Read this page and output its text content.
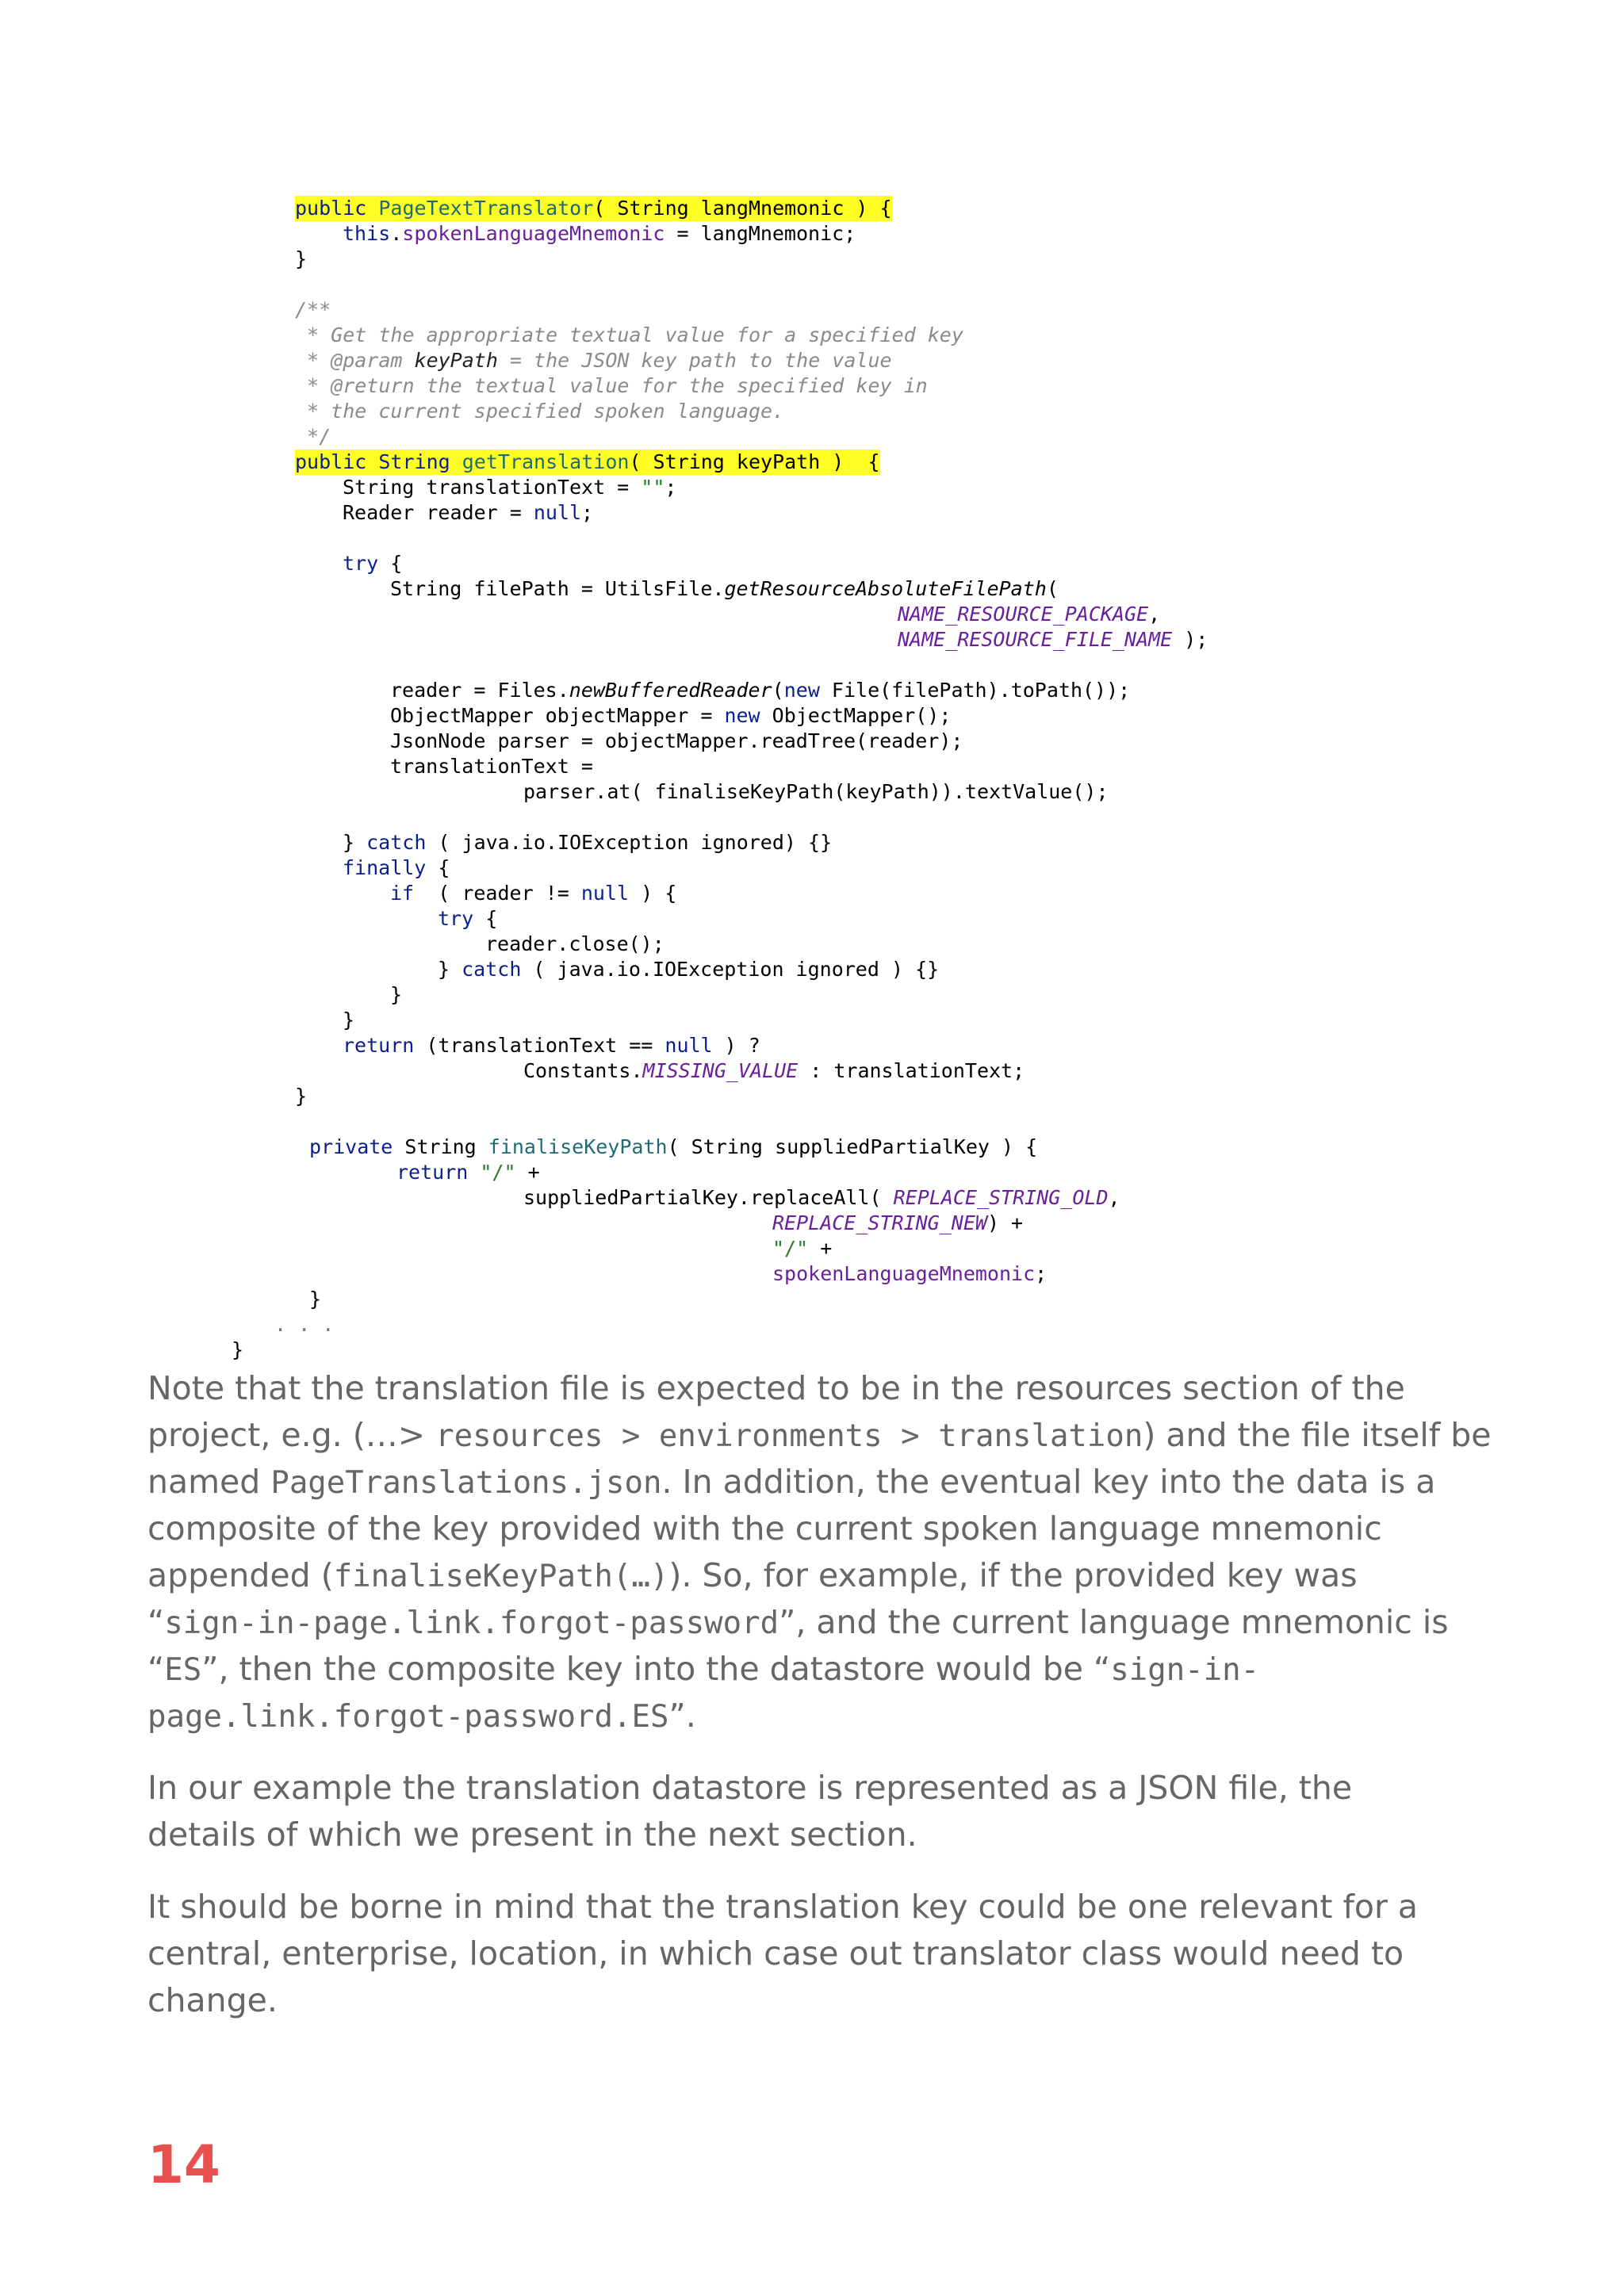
public PageTextTranslator( String langMnemonic ) {
this.spokenLanguageMnemonic = langMnemonic;
}
/**
* Get the appropriate textual value for a specified key
* @param keyPath = the JSON key path to the value
* @return the textual value for the specified key in
* the current specified spoken language.
*/
public String getTranslation( String keyPath )  {
String translationText = "";
Reader reader = null;
try {
String filePath = UtilsFile.getResourceAbsoluteFilePath(
NAME_RESOURCE_PACKAGE,
NAME_RESOURCE_FILE_NAME );
reader = Files.newBufferedReader(new File(filePath).toPath());
ObjectMapper objectMapper = new ObjectMapper();
JsonNode parser = objectMapper.readTree(reader);
translationText =
parser.at( finaliseKeyPath(keyPath)).textValue();
} catch ( java.io.IOException ignored) {}
finally {
if  ( reader != null ) {
try {
reader.close();
} catch ( java.io.IOException ignored ) {}
}
}
return (translationText == null ) ?
Constants.MISSING_VALUE : translationText;
}
private String finaliseKeyPath( String suppliedPartialKey ) {
return "/" +
suppliedPartialKey.replaceAll( REPLACE_STRING_OLD,
REPLACE_STRING_NEW) +
"/" +
spokenLanguageMnemonic;
}
. . .
}
Note that the translation file is expected to be in the resources section of the
project, e.g. (…> resources > environments > translation) and the file itself be
named PageTranslations.json. In addition, the eventual key into the data is a
composite of the key provided with the current spoken language mnemonic
appended (finaliseKeyPath(…)). So, for example, if the provided key was
“sign-in-page.link.forgot-password”, and the current language mnemonic is
“ES”, then the composite key into the datastore would be “sign-in-
page.link.forgot-password.ES”.
In our example the translation datastore is represented as a JSON file, the
details of which we present in the next section.
It should be borne in mind that the translation key could be one relevant for a
central, enterprise, location, in which case out translator class would need to
change.
14
